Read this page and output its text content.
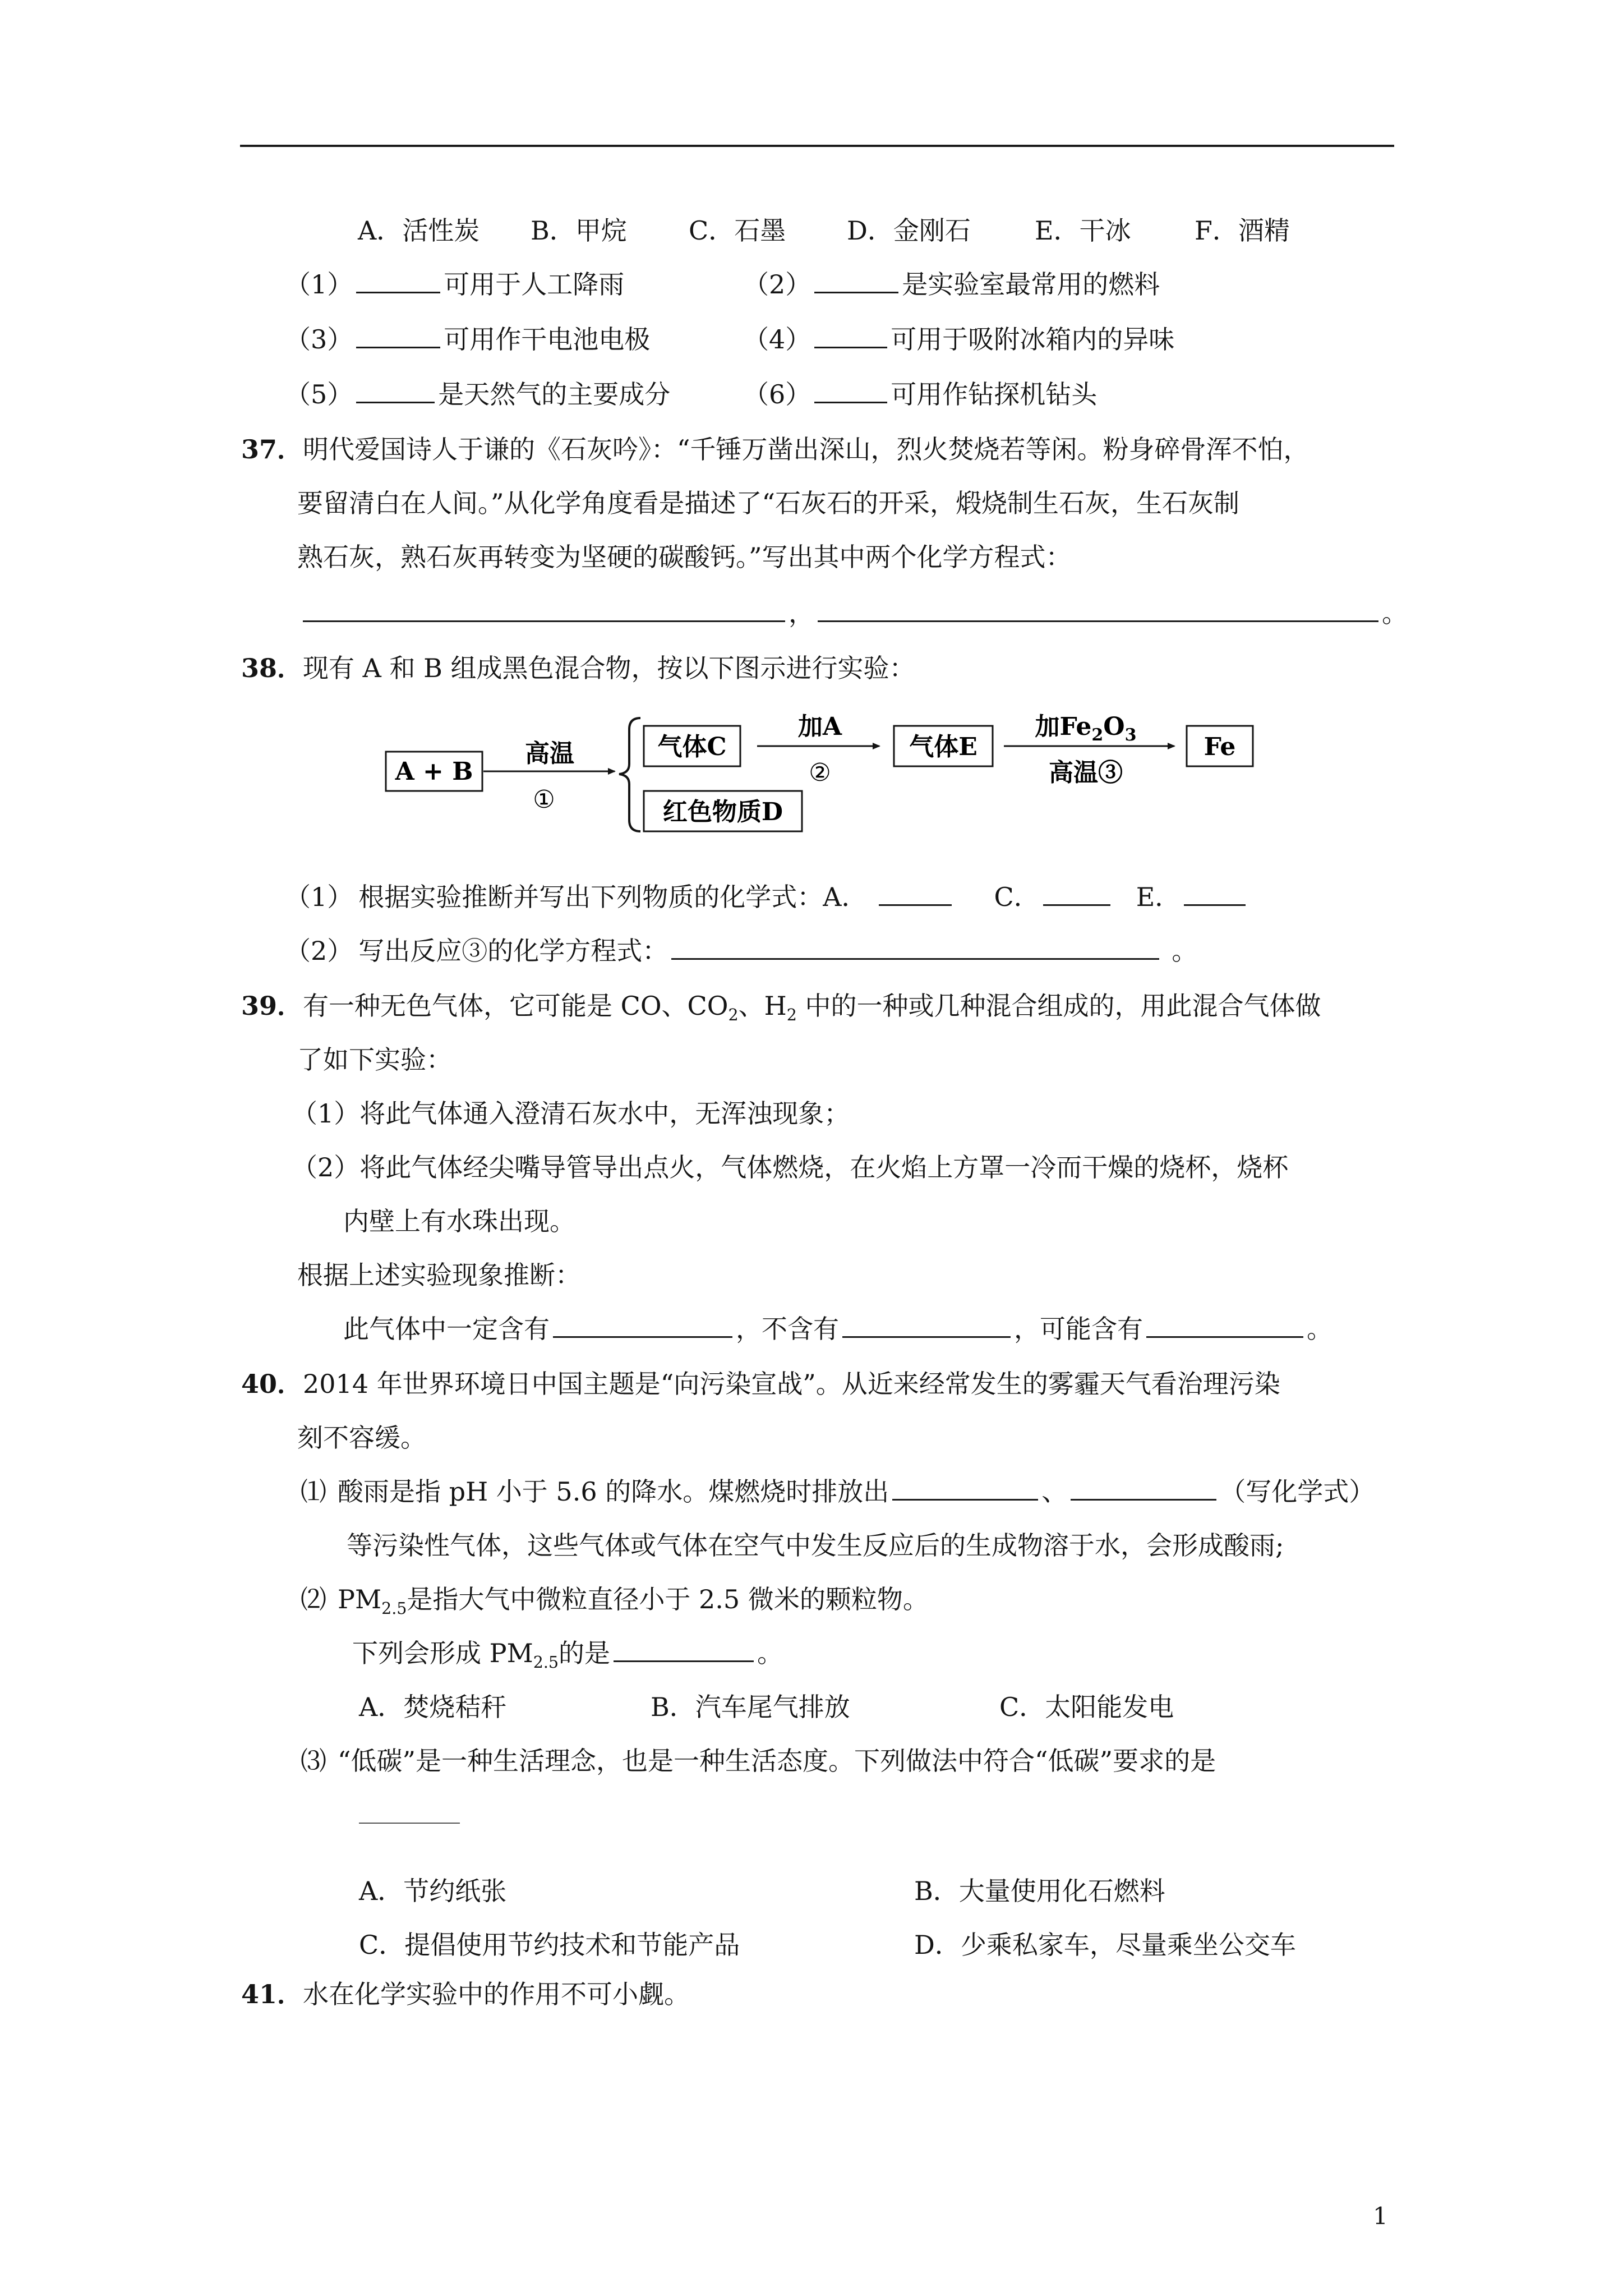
A．活性炭 B．甲烷 C．石墨 D．金刚石 E．干冰 F．酒精
（1）	可用于人工降雨	（2）	是实验室最常用的燃料
（3）	可用作干电池电极	（4）	可用于吸附冰箱内的异味
（5）	是天然气的主要成分	（6）	可用作钻探机钻头
37．明代爱国诗人于谦的《石灰吟》：“千锤万凿出深山，烈火焚烧若等闲。粉身碎骨浑不怕，
要留清白在人间。”从化学角度看是描述了“石灰石的开采，煅烧制生石灰，生石灰制
熟石灰，熟石灰再转变为坚硬的碳酸钙。”写出其中两个化学方程式：
，	。
38．现有 A 和 B 组成黑色混合物，按以下图示进行实验：
A + B
高温
①
气体C
加A
②
气体E
加$Fe_2O_3$
高温③
Fe
红色物质D
（1） 根据实验推断并写出下列物质的化学式：A．	C．	E．
（2） 写出反应③的化学方程式：	。
39．有一种无色气体，它可能是 CO、$CO_2$、$H_2$ 中的一种或几种混合组成的，用此混合气体做
了如下实验：
（1）将此气体通入澄清石灰水中，无浑浊现象；
（2）将此气体经尖嘴导管导出点火，气体燃烧，在火焰上方罩一冷而干燥的烧杯，烧杯
内壁上有水珠出现。
根据上述实验现象推断：
此气体中一定含有	，不含有	，可能含有	。
40．2014 年世界环境日中国主题是“向污染宣战”。从近来经常发生的雾霾天气看治理污染
刻不容缓。
⑴ 酸雨是指 pH 小于 5.6 的降水。煤燃烧时排放出	、	（写化学式）
等污染性气体，这些气体或气体在空气中发生反应后的生成物溶于水，会形成酸雨;
⑵ $PM_{2.5}$是指大气中微粒直径小于 2.5 微米的颗粒物。
下列会形成 $PM_{2.5}$的是	。
A．焚烧秸秆	B．汽车尾气排放	C．太阳能发电
⑶ “低碳”是一种生活理念，也是一种生活态度。下列做法中符合“低碳”要求的是
A．节约纸张	B．大量使用化石燃料
C．提倡使用节约技术和节能产品	D．少乘私家车，尽量乘坐公交车
41．水在化学实验中的作用不可小觑。
1
